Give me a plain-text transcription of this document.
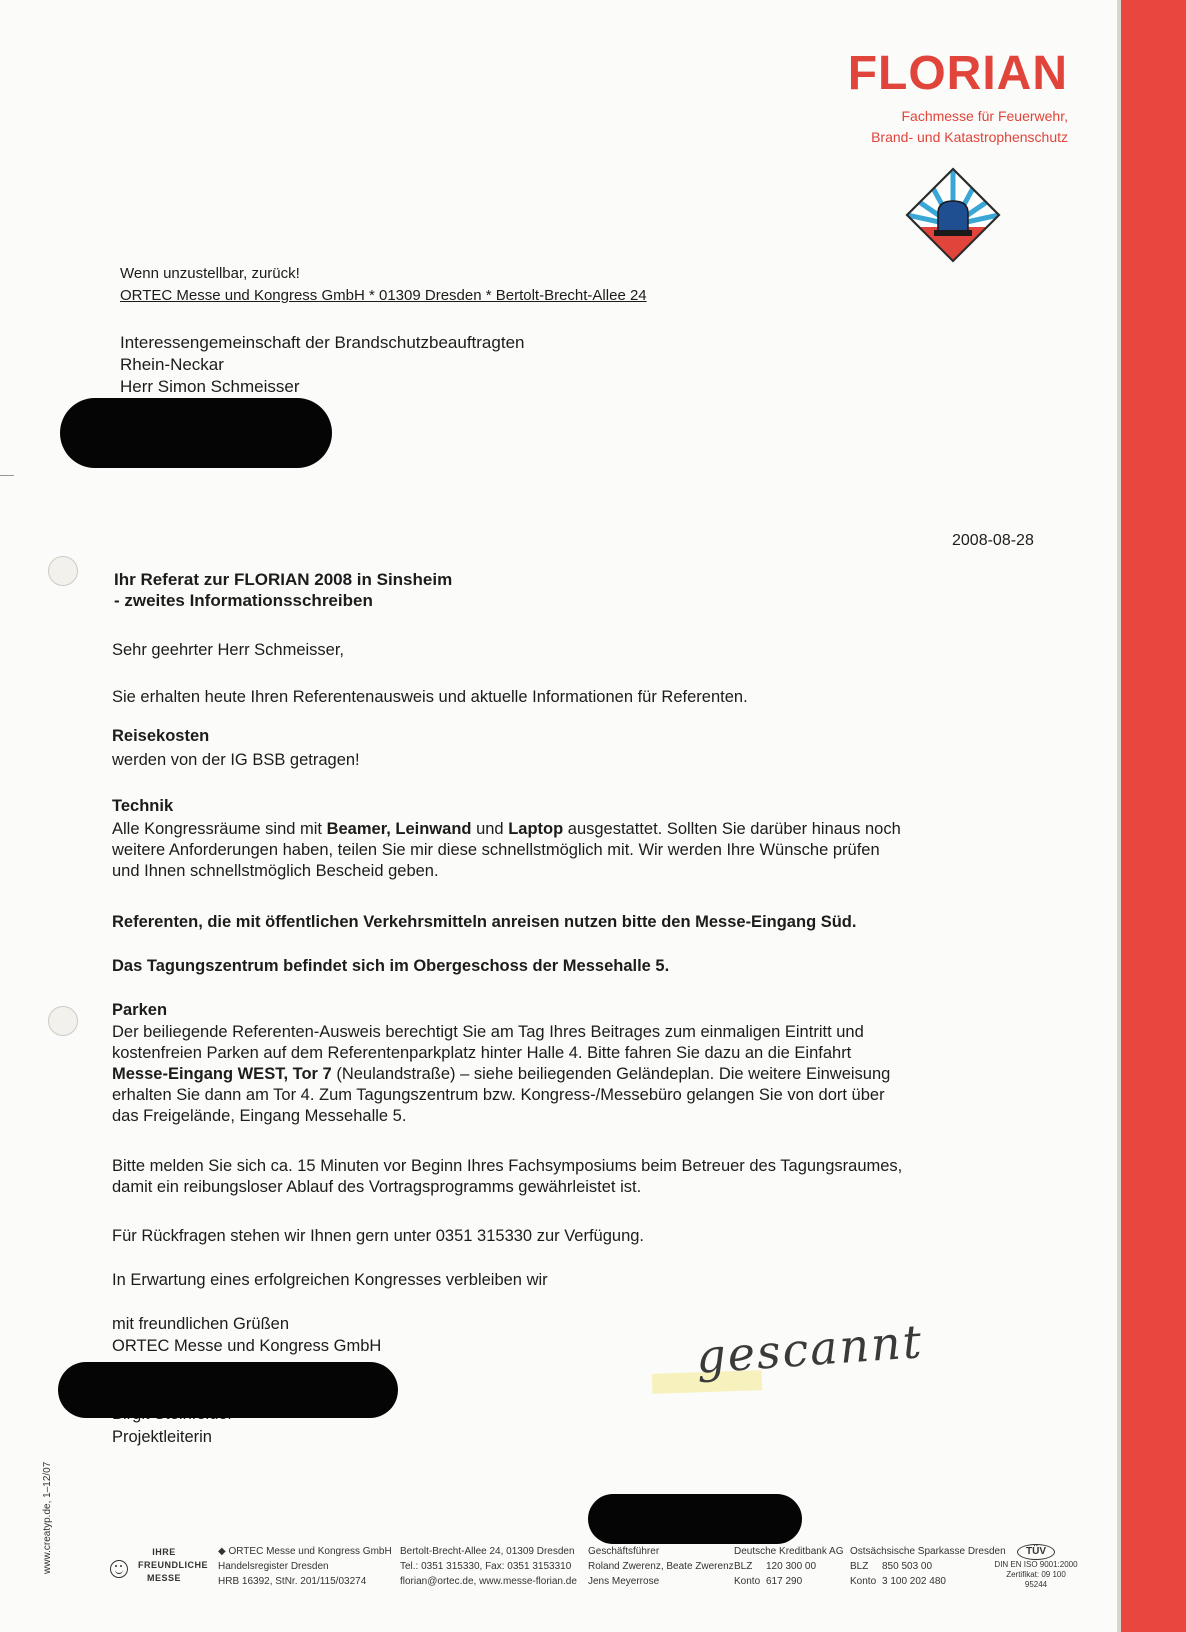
FLORIAN
Fachmesse für Feuerwehr,
Brand- und Katastrophenschutz
Wenn unzustellbar, zurück!
ORTEC Messe und Kongress GmbH * 01309 Dresden * Bertolt-Brecht-Allee 24
Interessengemeinschaft der Brandschutzbeauftragten
Rhein-Neckar
Herr Simon Schmeisser
2008-08-28
Ihr Referat zur FLORIAN 2008 in Sinsheim
- zweites Informationsschreiben
Sehr geehrter Herr Schmeisser,
Sie erhalten heute Ihren Referentenausweis und aktuelle Informationen für Referenten.
Reisekosten
werden von der IG BSB getragen!
Technik
Alle Kongressräume sind mit Beamer, Leinwand und Laptop ausgestattet. Sollten Sie darüber hinaus noch
weitere Anforderungen haben, teilen Sie mir diese schnellstmöglich mit. Wir werden Ihre Wünsche prüfen
und Ihnen schnellstmöglich Bescheid geben.
Referenten, die mit öffentlichen Verkehrsmitteln anreisen nutzen bitte den Messe-Eingang Süd.
Das Tagungszentrum befindet sich im Obergeschoss der Messehalle 5.
Parken
Der beiliegende Referenten-Ausweis berechtigt Sie am Tag Ihres Beitrages zum einmaligen Eintritt und
kostenfreien Parken auf dem Referentenparkplatz hinter Halle 4. Bitte fahren Sie dazu an die Einfahrt
Messe-Eingang WEST, Tor 7 (Neulandstraße) – siehe beiliegenden Geländeplan. Die weitere Einweisung
erhalten Sie dann am Tor 4. Zum Tagungszentrum bzw. Kongress-/Messebüro gelangen Sie von dort über
das Freigelände, Eingang Messehalle 5.
Bitte melden Sie sich ca. 15 Minuten vor Beginn Ihres Fachsymposiums beim Betreuer des Tagungsraumes,
damit ein reibungsloser Ablauf des Vortragsprogramms gewährleistet ist.
Für Rückfragen stehen wir Ihnen gern unter 0351 315330 zur Verfügung.
In Erwartung eines erfolgreichen Kongresses verbleiben wir
mit freundlichen Grüßen
ORTEC Messe und Kongress GmbH
Projektleiterin
gescannt
www.creatyp.de, 1–12/07	IHRE
FREUNDLICHE
MESSE
◆ ORTEC Messe und Kongress GmbH
Handelsregister Dresden
HRB 16392, StNr. 201/115/03274
Bertolt-Brecht-Allee 24, 01309 Dresden
Tel.: 0351 315330, Fax: 0351 3153310
florian@ortec.de, www.messe-florian.de
Geschäftsführer
Roland Zwerenz, Beate Zwerenz
Jens Meyerrose
Deutsche Kreditbank AG
BLZ 120 300 00
Konto 617 290
Ostsächsische Sparkasse Dresden
BLZ 850 503 00
Konto 3 100 202 480
TÜV
DIN EN ISO 9001:2000
Zertifikat: 09 100 95244
